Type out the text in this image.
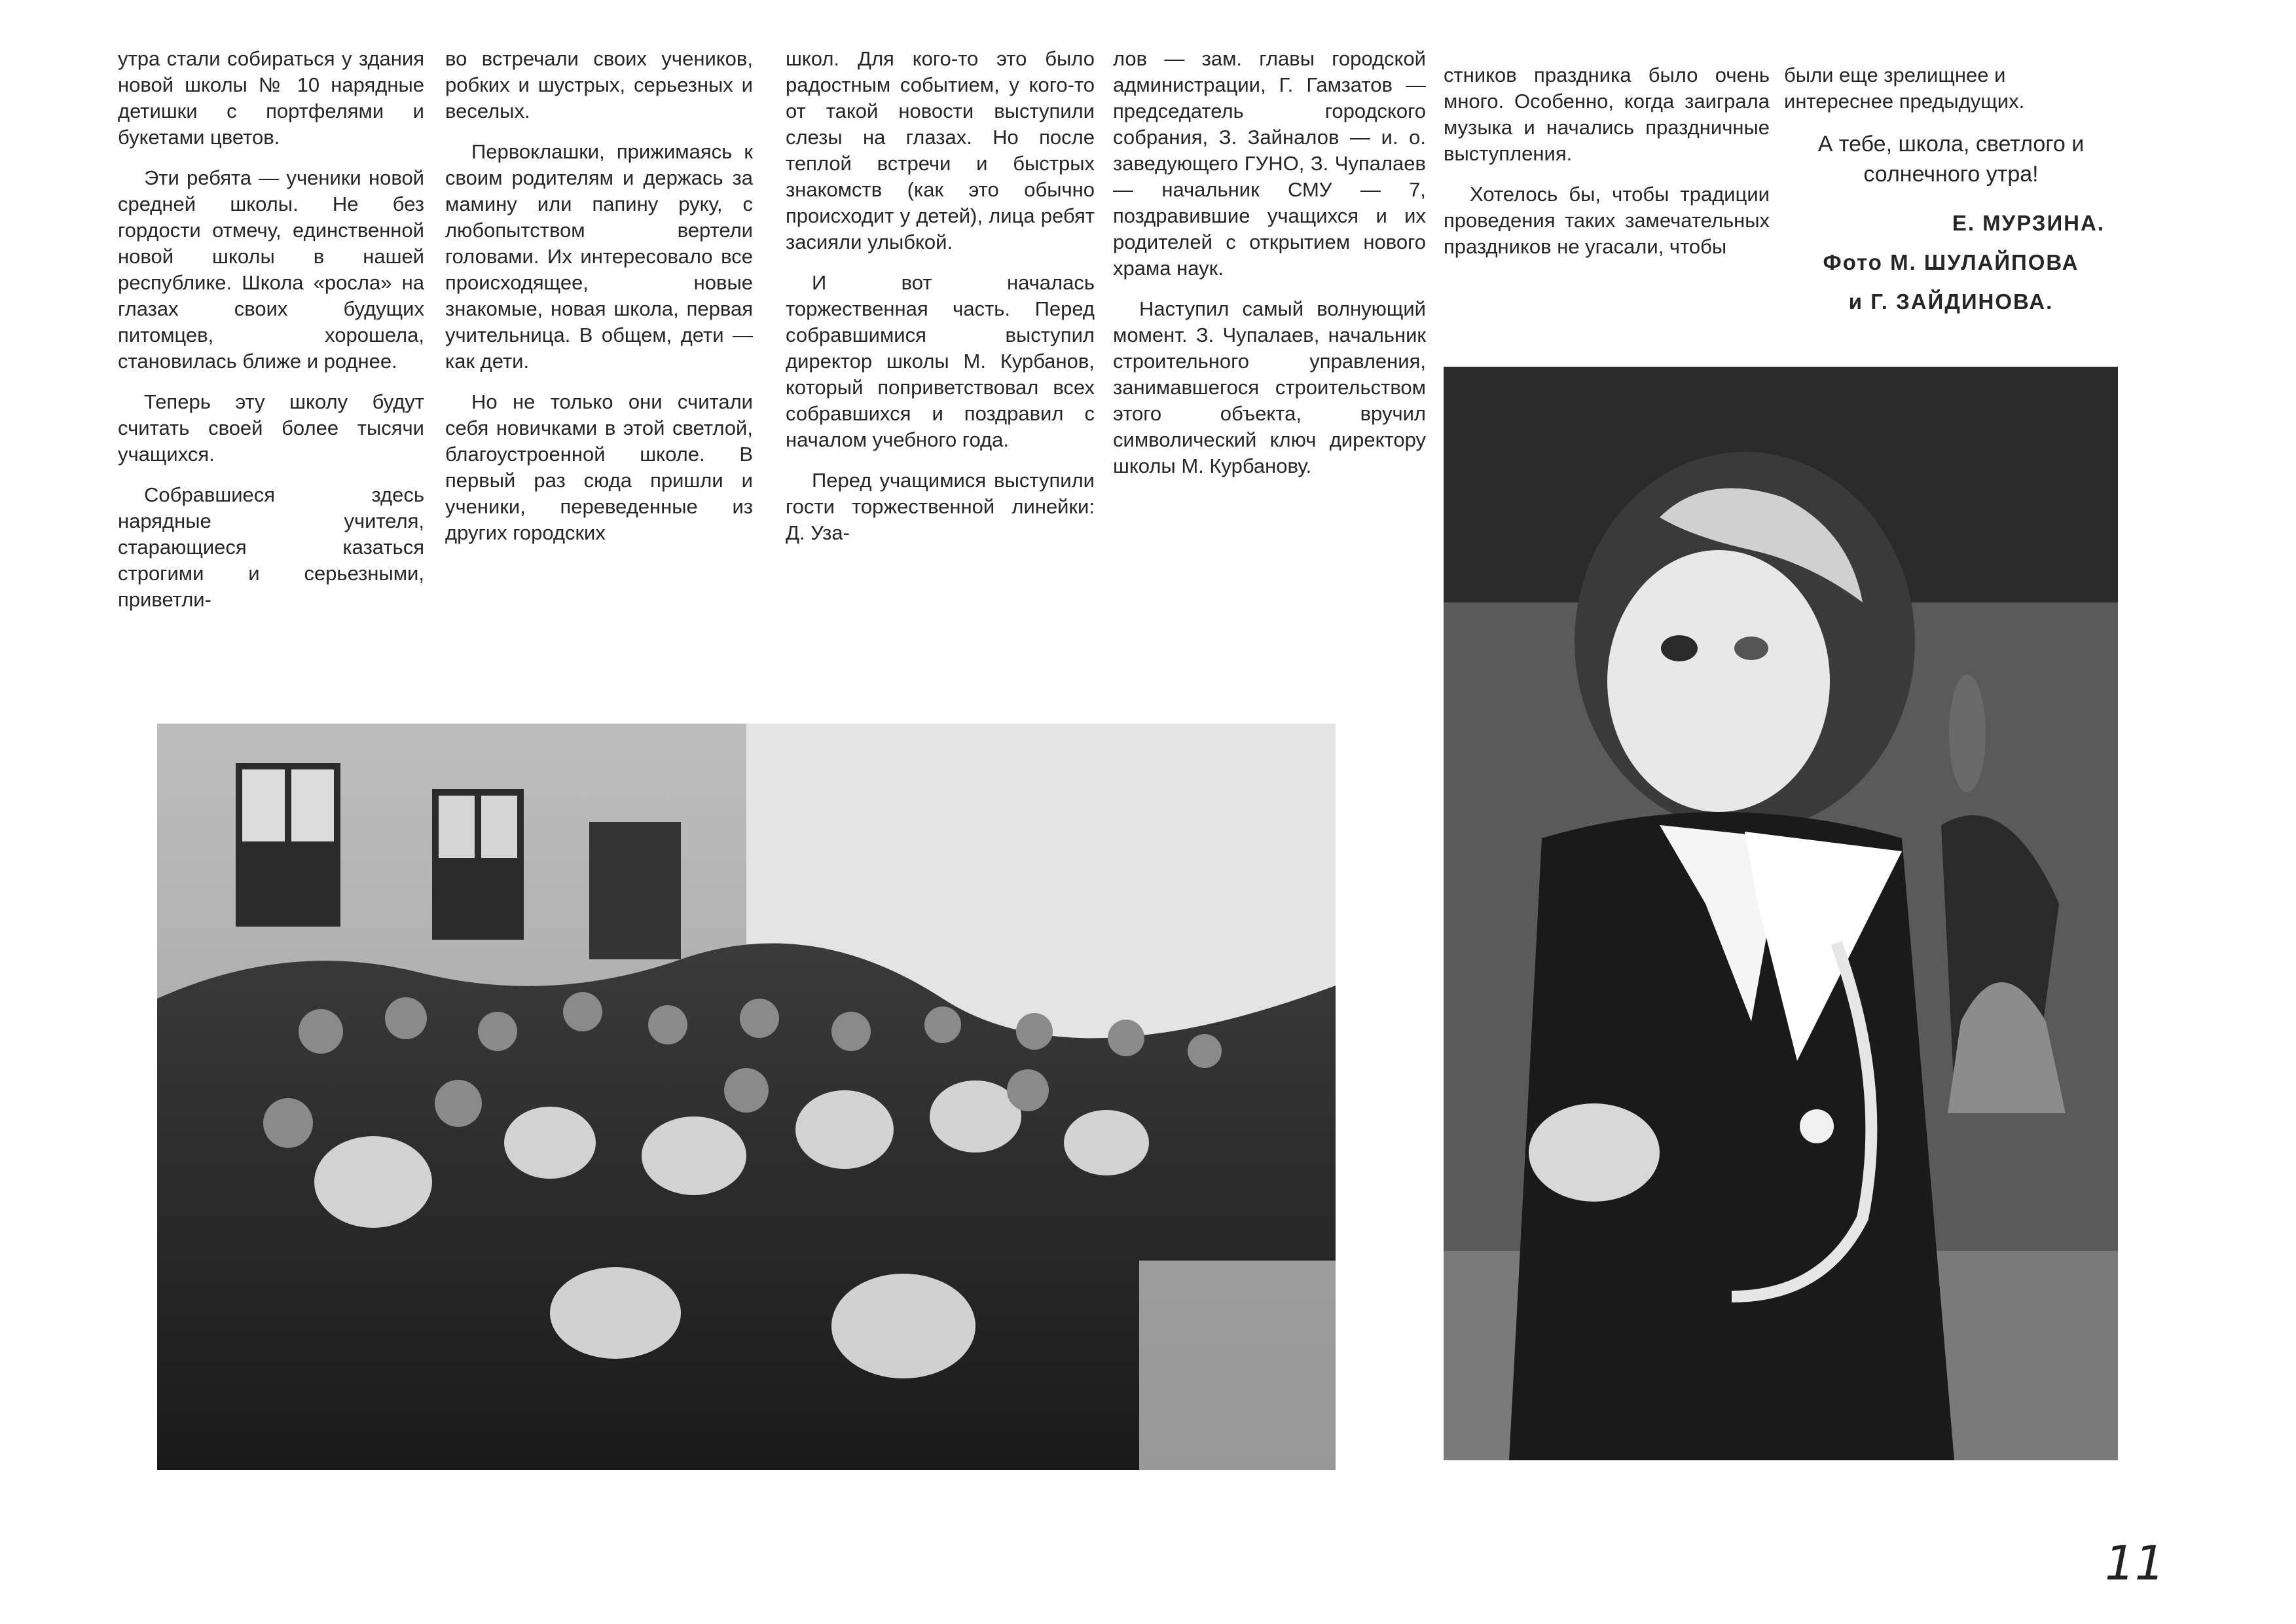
утра стали собираться у здания новой школы № 10 нарядные детишки с портфелями и букетами цветов.

Эти ребята — ученики новой средней школы. Не без гордости отмечу, единственной новой школы в нашей республике. Школа «росла» на глазах своих будущих питомцев, хорошела, становилась ближе и роднее.

Теперь эту школу будут считать своей более тысячи учащихся.

Собравшиеся здесь нарядные учителя, старающиеся казаться строгими и серьезными, приветли-

во встречали своих учеников, робких и шустрых, серьезных и веселых.

Первоклашки, прижимаясь к своим родителям и держась за мамину или папину руку, с любопытством вертели головами. Их интересовало все происходящее, новые знакомые, новая школа, первая учительница. В общем, дети — как дети.

Но не только они считали себя новичками в этой светлой, благоустроенной школе. В первый раз сюда пришли и ученики, переведенные из других городских

школ. Для кого-то это было радостным событием, у кого-то от такой новости выступили слезы на глазах. Но после теплой встречи и быстрых знакомств (как это обычно происходит у детей), лица ребят засияли улыбкой.

И вот началась торжественная часть. Перед собравшимися выступил директор школы М. Курбанов, который поприветствовал всех собравшихся и поздравил с началом учебного года.

Перед учащимися выступили гости торжественной линейки: Д. Уза-

лов — зам. главы городской администрации, Г. Гамзатов — председатель городского собрания, З. Зайналов — и. о. заведующего ГУНО, З. Чупалаев — начальник СМУ — 7, поздравившие учащихся и их родителей с открытием нового храма наук.

Наступил самый волнующий момент. З. Чупалаев, начальник строительного управления, занимавшегося строительством этого объекта, вручил символический ключ директору школы М. Курбанову.

стников праздника было очень много. Особенно, когда заиграла музыка и начались праздничные выступления.

Хотелось бы, чтобы традиции проведения таких замечательных праздников не угасали, чтобы

были еще зрелищнее и интереснее предыдущих.

А тебе, школа, светлого и солнечного утра!

Е. МУРЗИНА.
Фото М. ШУЛАЙПОВА
и Г. ЗАЙДИНОВА.
11
